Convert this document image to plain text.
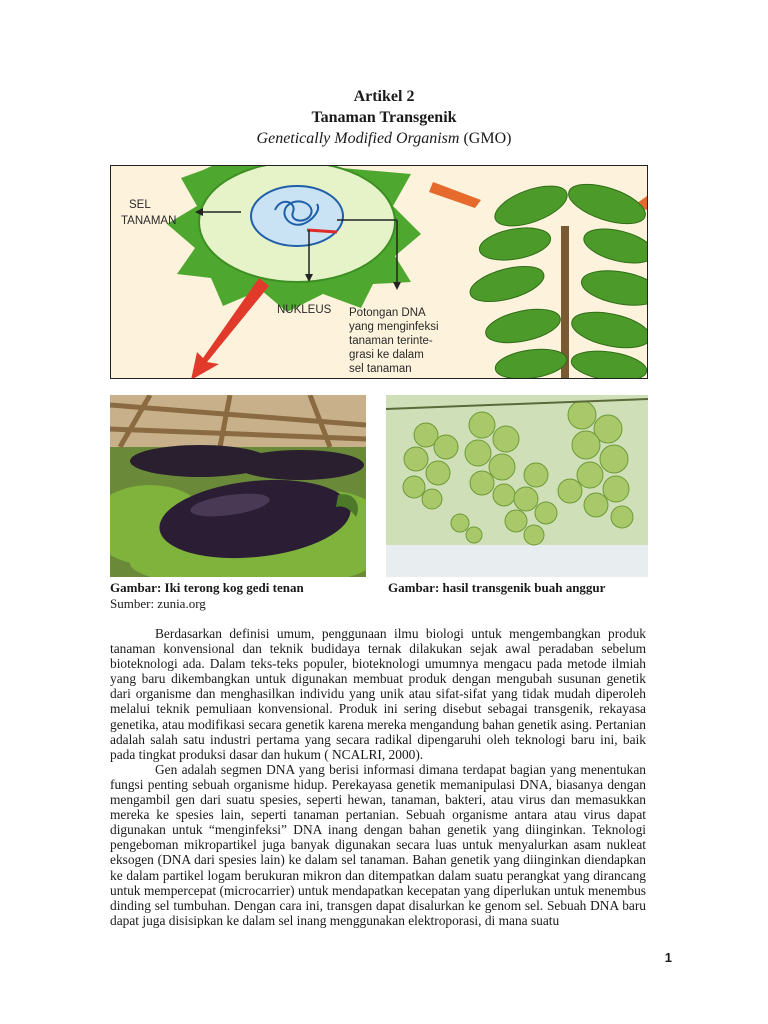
Artikel 2
Tanaman Transgenik
Genetically Modified Organism (GMO)
SEL
TANAMAN
NUKLEUS Potongan DNA
yang menginfeksi
tanaman terinte-
grasi ke dalam
sel tanaman
Gambar: Iki terong kog gedi tenan	Gambar: hasil transgenik buah anggur
Sumber: zunia.org

Berdasarkan definisi umum, penggunaan ilmu biologi untuk mengembangkan produk tanaman konvensional dan teknik budidaya ternak dilakukan sejak awal peradaban sebelum bioteknologi ada. Dalam teks-teks populer, bioteknologi umumnya mengacu pada metode ilmiah yang baru dikembangkan untuk digunakan membuat produk dengan mengubah susunan genetik dari organisme dan menghasilkan individu yang unik atau sifat-sifat yang tidak mudah diperoleh melalui teknik pemuliaan konvensional. Produk ini sering disebut sebagai transgenik, rekayasa genetika, atau modifikasi secara genetik karena mereka mengandung bahan genetik asing. Pertanian adalah salah satu industri pertama yang secara radikal dipengaruhi oleh teknologi baru ini, baik pada tingkat produksi dasar dan hukum ( NCALRI, 2000).

Gen adalah segmen DNA yang berisi informasi dimana terdapat bagian yang menentukan fungsi penting sebuah organisme hidup. Perekayasa genetik memanipulasi DNA, biasanya dengan mengambil gen dari suatu spesies, seperti hewan, tanaman, bakteri, atau virus dan memasukkan mereka ke spesies lain, seperti tanaman pertanian. Sebuah organisme antara atau virus dapat digunakan untuk “menginfeksi” DNA inang dengan bahan genetik yang diinginkan. Teknologi pengeboman mikropartikel juga banyak digunakan secara luas untuk menyalurkan asam nukleat eksogen (DNA dari spesies lain) ke dalam sel tanaman. Bahan genetik yang diinginkan diendapkan ke dalam partikel logam berukuran mikron dan ditempatkan dalam suatu perangkat yang dirancang untuk mempercepat (microcarrier) untuk mendapatkan kecepatan yang diperlukan untuk menembus dinding sel tumbuhan. Dengan cara ini, transgen dapat disalurkan ke genom sel. Sebuah DNA baru dapat juga disisipkan ke dalam sel inang menggunakan elektroporasi, di mana suatu

1
